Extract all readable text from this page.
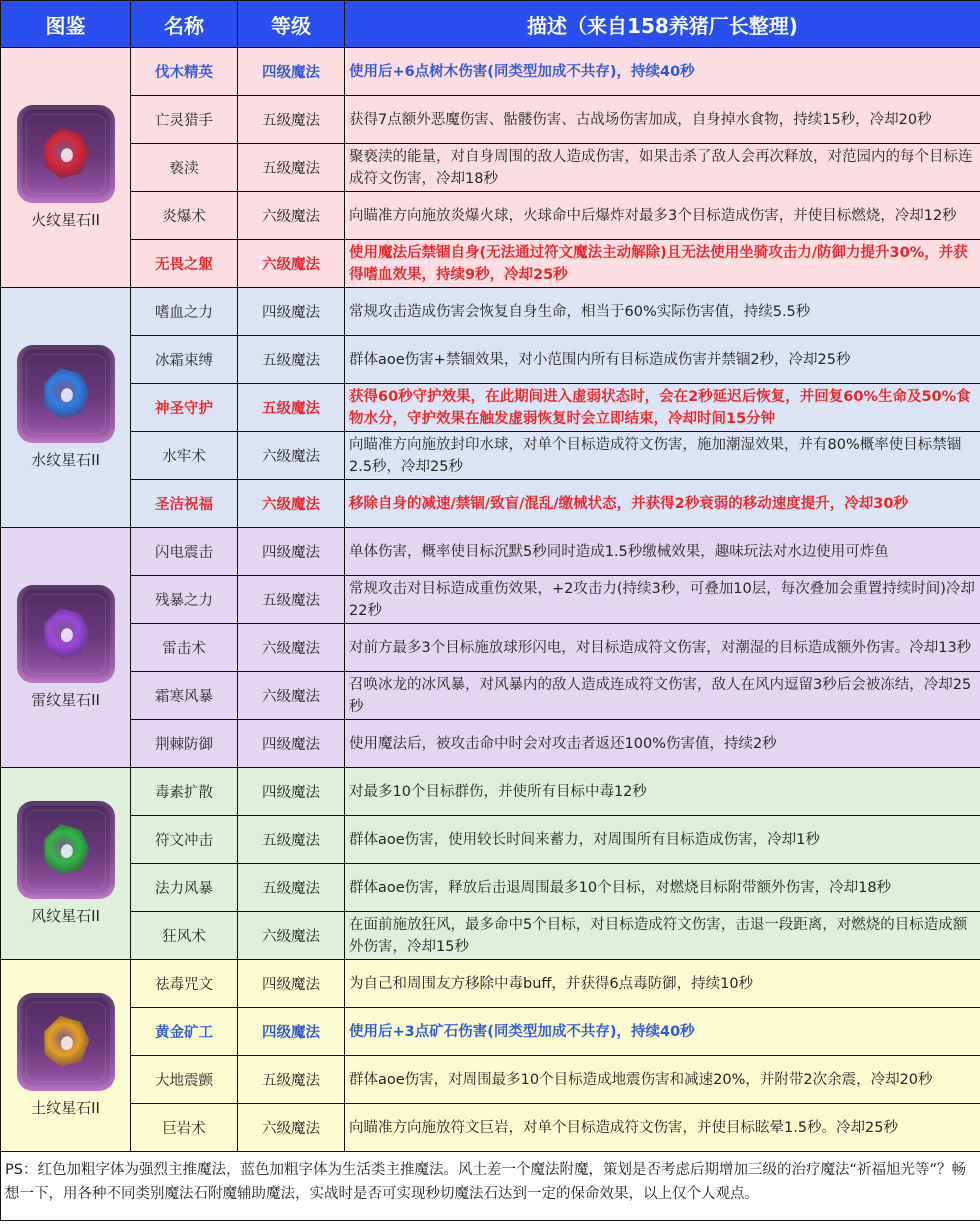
图鉴	名称	等级	描述（来自158养猪厂长整理)

火纹星石II	伐木精英	四级魔法	使用后+6点树木伤害(同类型加成不共存)，持续40秒
	亡灵猎手	五级魔法	获得7点额外恶魔伤害、骷髅伤害、古战场伤害加成，自身掉水食物，持续15秒，冷却20秒
	亵渎	五级魔法	聚亵渎的能量，对自身周围的敌人造成伤害，如果击杀了敌人会再次释放，对范园内的每个目标连成符文伤害，冷却18秒
	炎爆术	六级魔法	向瞄准方向施放炎爆火球，火球命中后爆炸对最多3个目标造成伤害，并使目标燃烧，冷却12秒
	无畏之躯	六级魔法	使用魔法后禁锢自身(无法通过符文魔法主动解除)且无法使用坐骑攻击力/防御力提升30%，并获得嗜血效果，持续9秒，冷却25秒

水纹星石II	嗜血之力	四级魔法	常规攻击造成伤害会恢复自身生命，相当于60%实际伤害值，持续5.5秒
	冰霜束缚	五级魔法	群体aoe伤害+禁锢效果，对小范围内所有目标造成伤害并禁锢2秒，冷却25秒
	神圣守护	五级魔法	获得60秒守护效果，在此期间进入虚弱状态时，会在2秒延迟后恢复，并回复60%生命及50%食物水分，守护效果在触发虚弱恢复时会立即结束，冷却时间15分钟
	水牢术	六级魔法	向瞄准方向施放封印水球，对单个目标造成符文伤害，施加潮湿效果，并有80%概率使目标禁锢2.5秒，冷却25秒
	圣洁祝福	六级魔法	移除自身的减速/禁锢/致盲/混乱/缴械状态，并获得2秒衰弱的移动速度提升，冷却30秒

雷纹星石II	闪电震击	四级魔法	单体伤害，概率使目标沉默5秒同时造成1.5秒缴械效果，趣味玩法对水边使用可炸鱼
	残暴之力	五级魔法	常规攻击对目标造成重伤效果，+2攻击力(持续3秒，可叠加10层，每次叠加会重置持续时间)冷却22秒
	雷击术	六级魔法	对前方最多3个目标施放球形闪电，对目标造成符文伤害，对潮湿的目标造成额外伤害。冷却13秒
	霜寒风暴	六级魔法	召唤冰龙的冰风暴，对风暴内的敌人造成连成符文伤害，敌人在风内逗留3秒后会被冻结，冷却25秒
	荆棘防御	四级魔法	使用魔法后，被攻击命中时会对攻击者返还100%伤害值，持续2秒

风纹星石II	毒素扩散	四级魔法	对最多10个目标群伤，并使所有目标中毒12秒
	符文冲击	五级魔法	群体aoe伤害，使用较长时间来蓄力，对周围所有目标造成伤害，冷却1秒
	法力风暴	五级魔法	群体aoe伤害，释放后击退周围最多10个目标，对燃烧目标附带额外伤害，冷却18秒
	狂风术	六级魔法	在面前施放狂风，最多命中5个目标，对目标造成符文伤害，击退一段距离，对燃烧的目标造成额外伤害，冷却15秒

土纹星石II	祛毒咒文	四级魔法	为自己和周围友方移除中毒buff，并获得6点毒防御，持续10秒
	黄金矿工	四级魔法	使用后+3点矿石伤害(同类型加成不共存)，持续40秒
	大地震颤	五级魔法	群体aoe伤害，对周围最多10个目标造成地震伤害和减速20%，并附带2次余震，冷却20秒
	巨岩术	六级魔法	向瞄准方向施放符文巨岩，对单个目标造成符文伤害，并使目标眩晕1.5秒。冷却25秒
PS：红色加粗字体为强烈主推魔法，蓝色加粗字体为生活类主推魔法。风土差一个魔法附魔，策划是否考虑后期增加三级的治疗魔法“祈福旭光等”？畅想一下，用各种不同类别魔法石附魔辅助魔法，实战时是否可实现秒切魔法石达到一定的保命效果，以上仅个人观点。			
